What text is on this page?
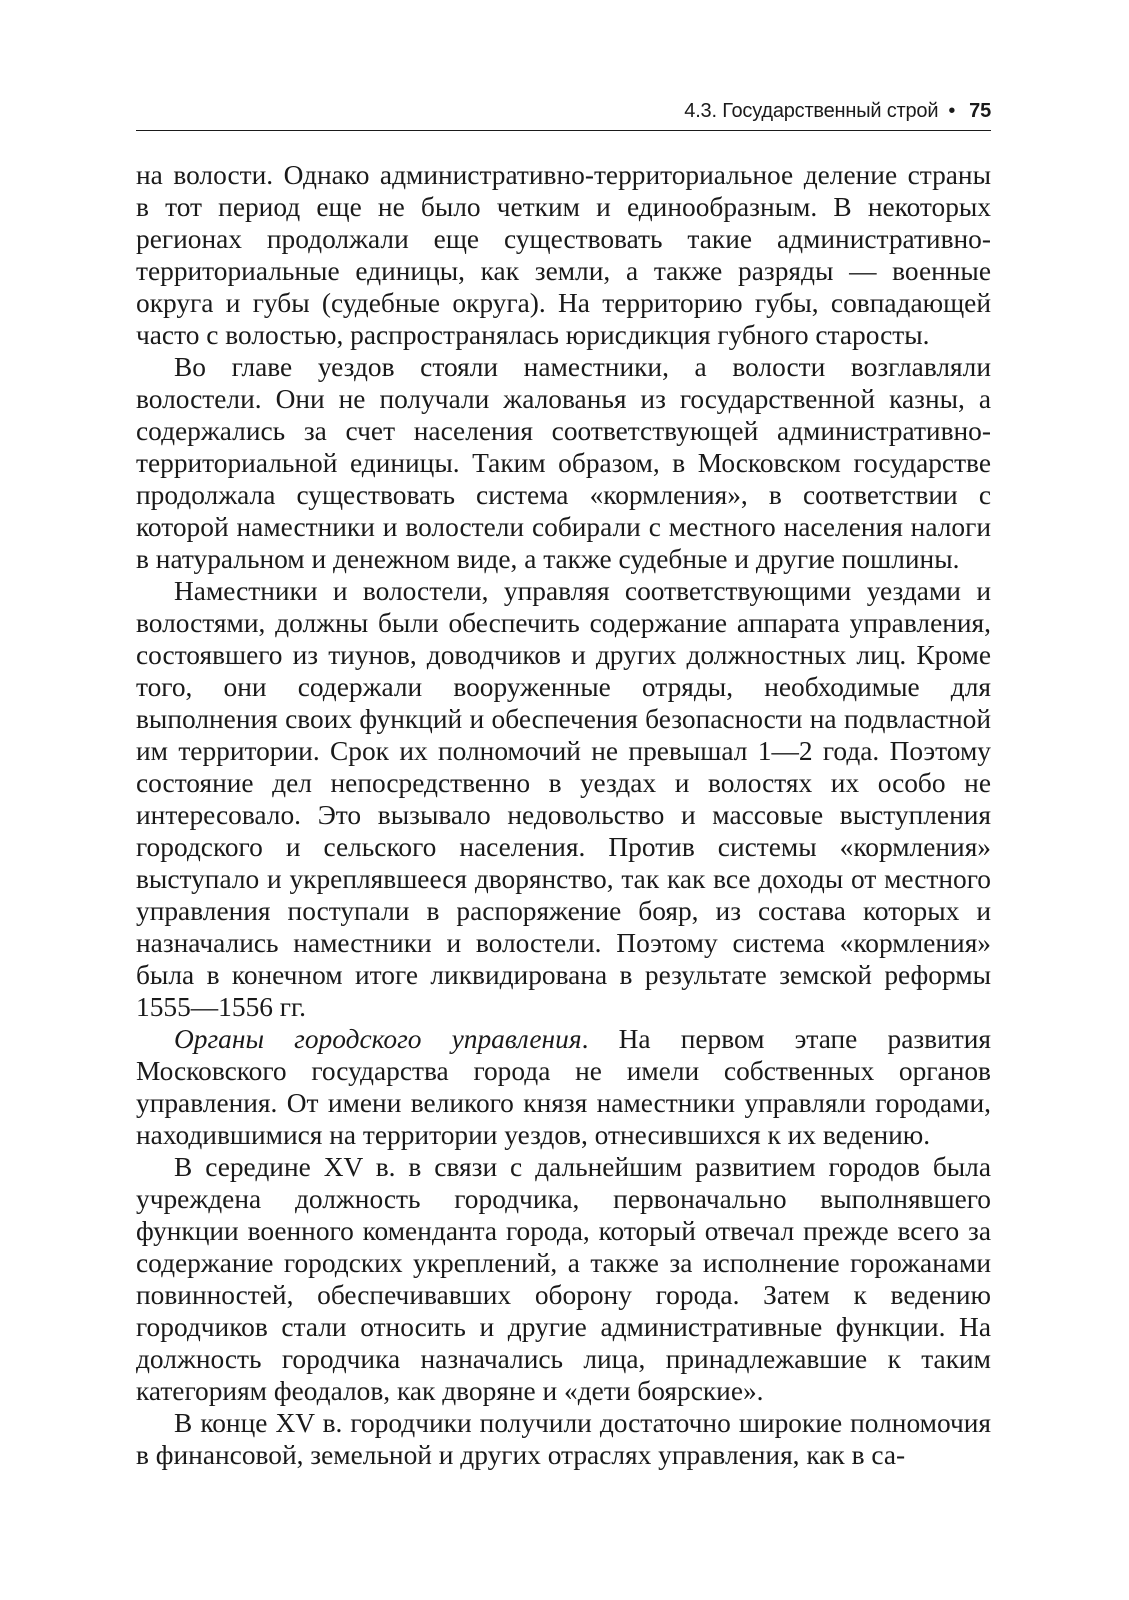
4.3. Государственный строй • 75

на волости. Однако административно-территориальное деление страны в тот период еще не было четким и единообразным. В некоторых регионах продолжали еще существовать такие административно-территориальные единицы, как земли, а также разряды — военные округа и губы (судебные округа). На территорию губы, совпадающей часто с волостью, распространялась юрисдикция губного старосты.

Во главе уездов стояли наместники, а волости возглавляли волостели. Они не получали жалованья из государственной казны, а содержались за счет населения соответствующей административно-территориальной единицы. Таким образом, в Московском государстве продолжала существовать система «кормления», в соответствии с которой наместники и волостели собирали с местного населения налоги в натуральном и денежном виде, а также судебные и другие пошлины.

Наместники и волостели, управляя соответствующими уездами и волостями, должны были обеспечить содержание аппарата управления, состоявшего из тиунов, доводчиков и других должностных лиц. Кроме того, они содержали вооруженные отряды, необходимые для выполнения своих функций и обеспечения безопасности на подвластной им территории. Срок их полномочий не превышал 1—2 года. Поэтому состояние дел непосредственно в уездах и волостях их особо не интересовало. Это вызывало недовольство и массовые выступления городского и сельского населения. Против системы «кормления» выступало и укреплявшееся дворянство, так как все доходы от местного управления поступали в распоряжение бояр, из состава которых и назначались наместники и волостели. Поэтому система «кормления» была в конечном итоге ликвидирована в результате земской реформы 1555—1556 гг.

Органы городского управления. На первом этапе развития Московского государства города не имели собственных органов управления. От имени великого князя наместники управляли городами, находившимися на территории уездов, отнесившихся к их ведению.

В середине XV в. в связи с дальнейшим развитием городов была учреждена должность городчика, первоначально выполнявшего функции военного коменданта города, который отвечал прежде всего за содержание городских укреплений, а также за исполнение горожанами повинностей, обеспечивавших оборону города. Затем к ведению городчиков стали относить и другие административные функции. На должность городчика назначались лица, принадлежавшие к таким категориям феодалов, как дворяне и «дети боярские».

В конце XV в. городчики получили достаточно широкие полномочия в финансовой, земельной и других отраслях управления, как в са-
